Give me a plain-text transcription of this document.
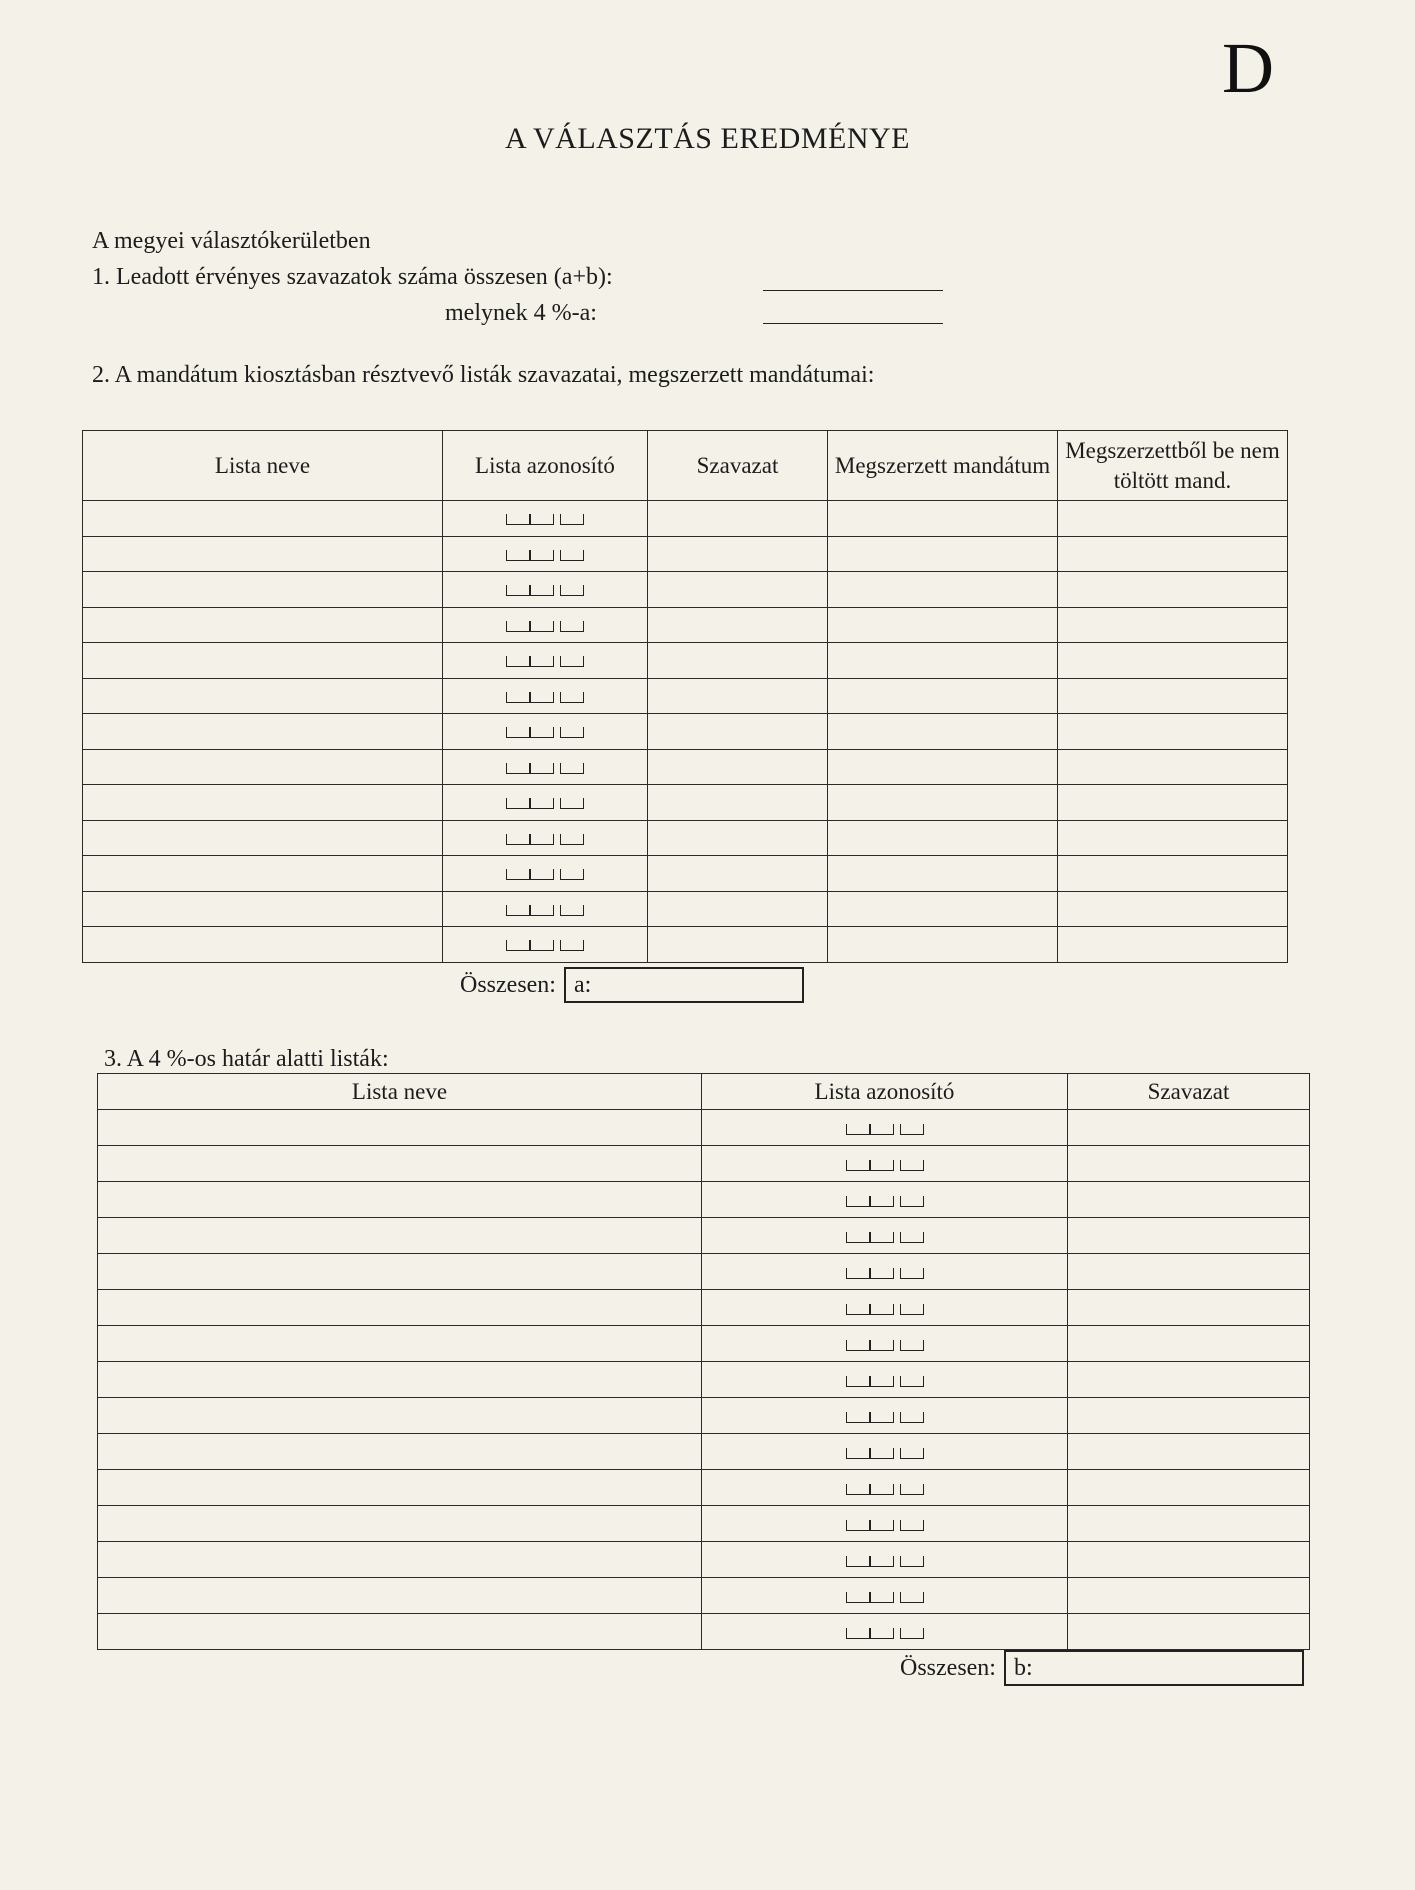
D
A VÁLASZTÁS EREDMÉNYE
A megyei választókerületben
1. Leadott érvényes szavazatok száma összesen (a+b):
melynek 4 %-a:
2. A mandátum kiosztásban résztvevő listák szavazatai, megszerzett mandátumai:
Lista neve	Lista azonosító	Szavazat	Megszerzett mandátum	Megszerzettből be nem töltött mand.

Összesen: a:
3. A 4 %-os határ alatti listák:
Lista neve	Lista azonosító	Szavazat

Összesen: b:
